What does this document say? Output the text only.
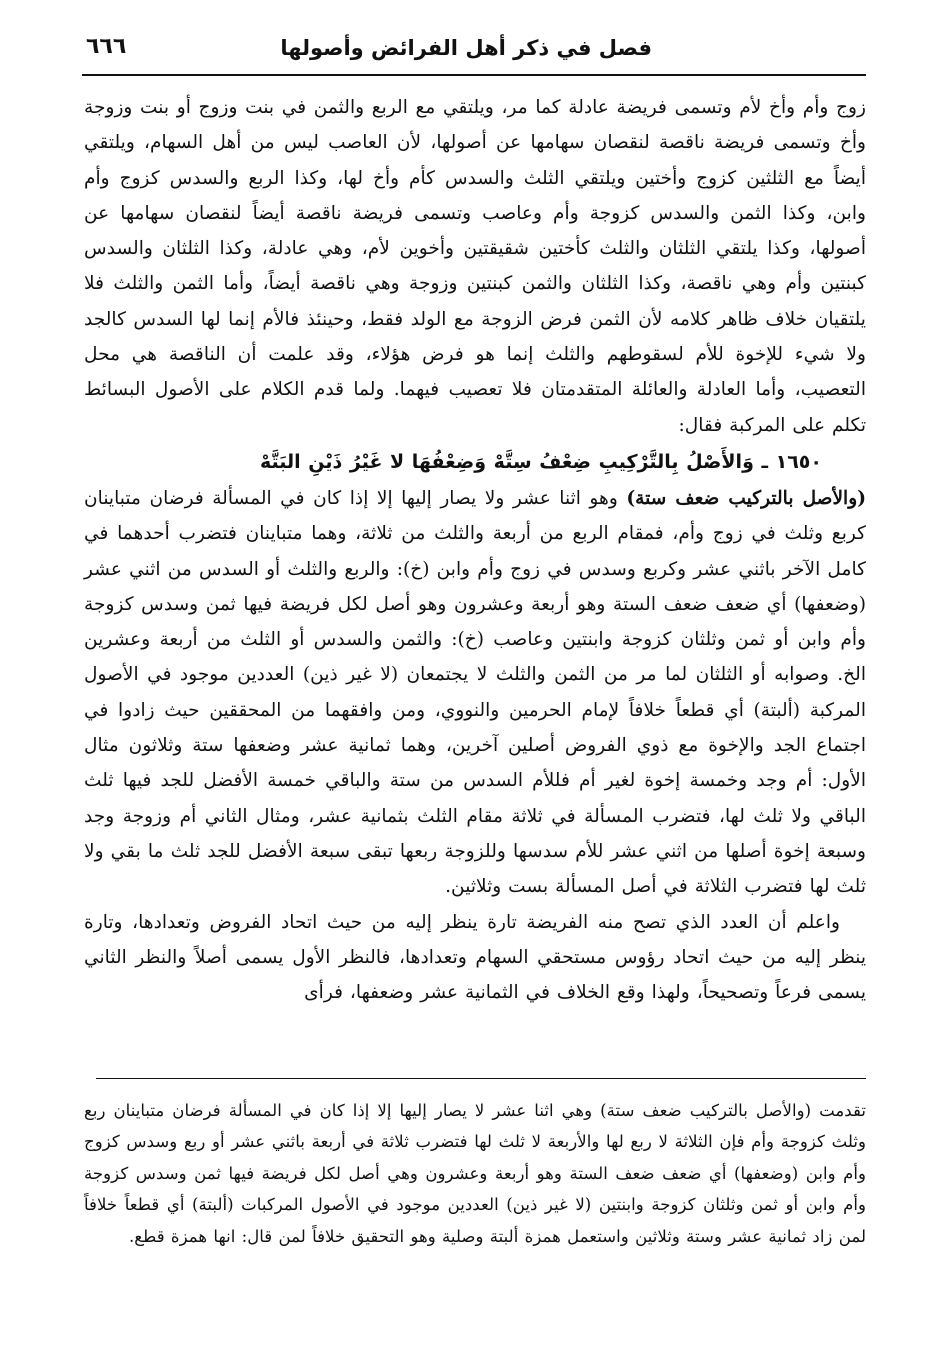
فصل في ذكر أهل الفرائض وأصولها
٦٦٦

زوج وأم وأخ لأم وتسمى فريضة عادلة كما مر، ويلتقي مع الربع والثمن في بنت وزوج أو بنت وزوجة وأخ وتسمى فريضة ناقصة لنقصان سهامها عن أصولها، لأن العاصب ليس من أهل السهام، ويلتقي أيضاً مع الثلثين كزوج وأختين ويلتقي الثلث والسدس كأم وأخ لها، وكذا الربع والسدس كزوج وأم وابن، وكذا الثمن والسدس كزوجة وأم وعاصب وتسمى فريضة ناقصة أيضاً لنقصان سهامها عن أصولها، وكذا يلتقي الثلثان والثلث كأختين شقيقتين وأخوين لأم، وهي عادلة، وكذا الثلثان والسدس كبنتين وأم وهي ناقصة، وكذا الثلثان والثمن كبنتين وزوجة وهي ناقصة أيضاً، وأما الثمن والثلث فلا يلتقيان خلاف ظاهر كلامه لأن الثمن فرض الزوجة مع الولد فقط، وحينئذ فالأم إنما لها السدس كالجد ولا شيء للإخوة للأم لسقوطهم والثلث إنما هو فرض هؤلاء، وقد علمت أن الناقصة هي محل التعصيب، وأما العادلة والعائلة المتقدمتان فلا تعصيب فيهما. ولما قدم الكلام على الأصول البسائط تكلم على المركبة فقال:

١٦٥٠ ـ وَالأَصْلُ بِالتَّرْكِيبِ ضِعْفُ سِتَّهْ وَضِعْفُهَا لا غَيْرُ ذَيْنِ البَتَّهْ

(والأصل بالتركيب ضعف ستة) وهو اثنا عشر ولا يصار إليها إلا إذا كان في المسألة فرضان متباينان كربع وثلث في زوج وأم، فمقام الربع من أربعة والثلث من ثلاثة، وهما متباينان فتضرب أحدهما في كامل الآخر باثني عشر وكربع وسدس في زوج وأم وابن (خ): والربع والثلث أو السدس من اثني عشر (وضعفها) أي ضعف ضعف الستة وهو أربعة وعشرون وهو أصل لكل فريضة فيها ثمن وسدس كزوجة وأم وابن أو ثمن وثلثان كزوجة وابنتين وعاصب (خ): والثمن والسدس أو الثلث من أربعة وعشرين الخ. وصوابه أو الثلثان لما مر من الثمن والثلث لا يجتمعان (لا غير ذين) العددين موجود في الأصول المركبة (ألبتة) أي قطعاً خلافاً لإمام الحرمين والنووي، ومن وافقهما من المحققين حيث زادوا في اجتماع الجد والإخوة مع ذوي الفروض أصلين آخرين، وهما ثمانية عشر وضعفها ستة وثلاثون مثال الأول: أم وجد وخمسة إخوة لغير أم فللأم السدس من ستة والباقي خمسة الأفضل للجد فيها ثلث الباقي ولا ثلث لها، فتضرب المسألة في ثلاثة مقام الثلث بثمانية عشر، ومثال الثاني أم وزوجة وجد وسبعة إخوة أصلها من اثني عشر للأم سدسها وللزوجة ربعها تبقى سبعة الأفضل للجد ثلث ما بقي ولا ثلث لها فتضرب الثلاثة في أصل المسألة بست وثلاثين.

واعلم أن العدد الذي تصح منه الفريضة تارة ينظر إليه من حيث اتحاد الفروض وتعدادها، وتارة ينظر إليه من حيث اتحاد رؤوس مستحقي السهام وتعدادها، فالنظر الأول يسمى أصلاً والنظر الثاني يسمى فرعاً وتصحيحاً، ولهذا وقع الخلاف في الثمانية عشر وضعفها، فرأى

تقدمت (والأصل بالتركيب ضعف ستة) وهي اثنا عشر لا يصار إليها إلا إذا كان في المسألة فرضان متباينان ربع وثلث كزوجة وأم فإن الثلاثة لا ربع لها والأربعة لا ثلث لها فتضرب ثلاثة في أربعة باثني عشر أو ربع وسدس كزوج وأم وابن (وضعفها) أي ضعف ضعف الستة وهو أربعة وعشرون وهي أصل لكل فريضة فيها ثمن وسدس كزوجة وأم وابن أو ثمن وثلثان كزوجة وابنتين (لا غير ذين) العددين موجود في الأصول المركبات (ألبتة) أي قطعاً خلافاً لمن زاد ثمانية عشر وستة وثلاثين واستعمل همزة ألبتة وصلية وهو التحقيق خلافاً لمن قال: انها همزة قطع.
